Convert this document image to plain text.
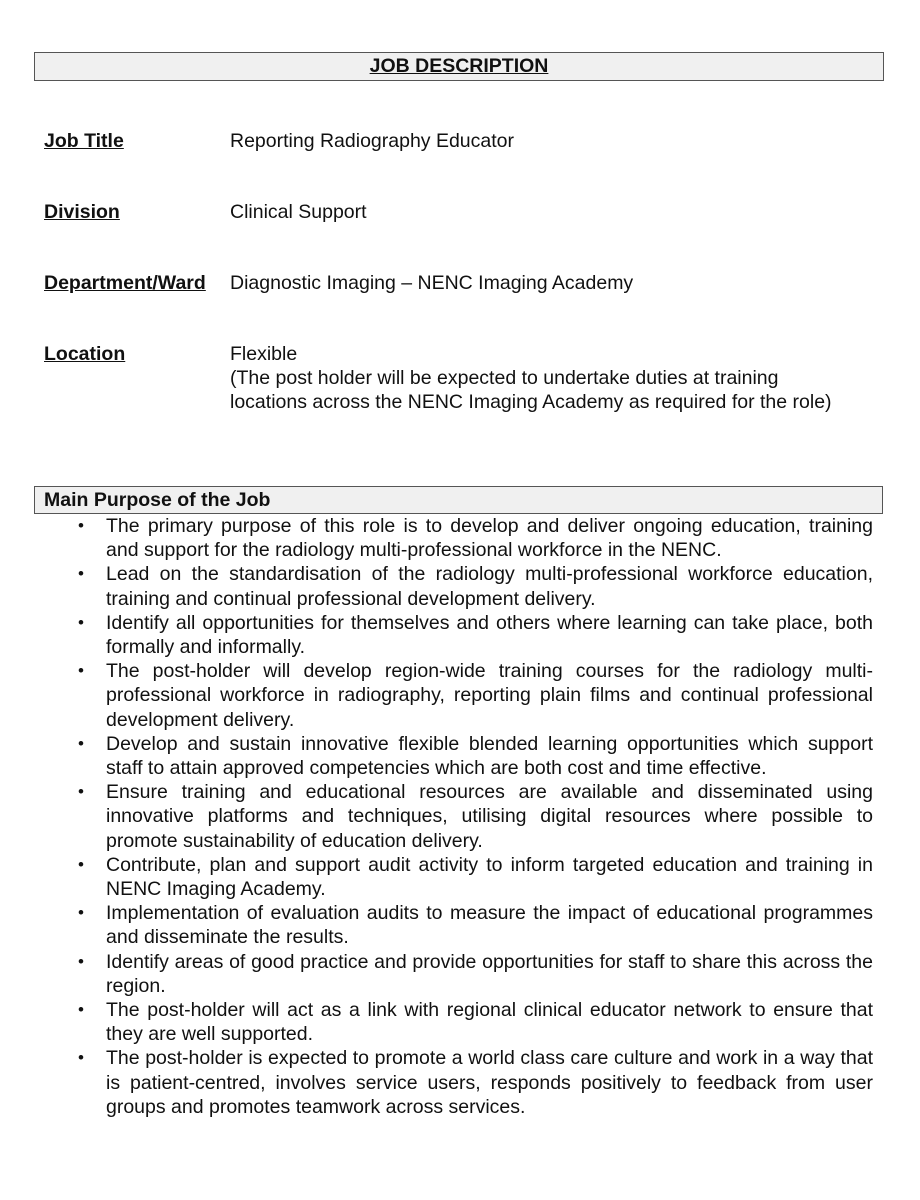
JOB DESCRIPTION
Job Title	Reporting Radiography Educator
Division	Clinical Support
Department/Ward	Diagnostic Imaging – NENC Imaging Academy
Location	Flexible
(The post holder will be expected to undertake duties at training
locations across the NENC Imaging Academy as required for the role)
Main Purpose of the Job
• The primary purpose of this role is to develop and deliver ongoing education, training and support for the radiology multi-professional workforce in the NENC.
• Lead on the standardisation of the radiology multi-professional workforce education, training and continual professional development delivery.
• Identify all opportunities for themselves and others where learning can take place, both formally and informally.
• The post-holder will develop region-wide training courses for the radiology multi-professional workforce in radiography, reporting plain films and continual professional development delivery.
• Develop and sustain innovative flexible blended learning opportunities which support staff to attain approved competencies which are both cost and time effective.
• Ensure training and educational resources are available and disseminated using innovative platforms and techniques, utilising digital resources where possible to promote sustainability of education delivery.
• Contribute, plan and support audit activity to inform targeted education and training in NENC Imaging Academy.
• Implementation of evaluation audits to measure the impact of educational programmes and disseminate the results.
• Identify areas of good practice and provide opportunities for staff to share this across the region.
• The post-holder will act as a link with regional clinical educator network to ensure that they are well supported.
• The post-holder is expected to promote a world class care culture and work in a way that is patient-centred, involves service users, responds positively to feedback from user groups and promotes teamwork across services.
